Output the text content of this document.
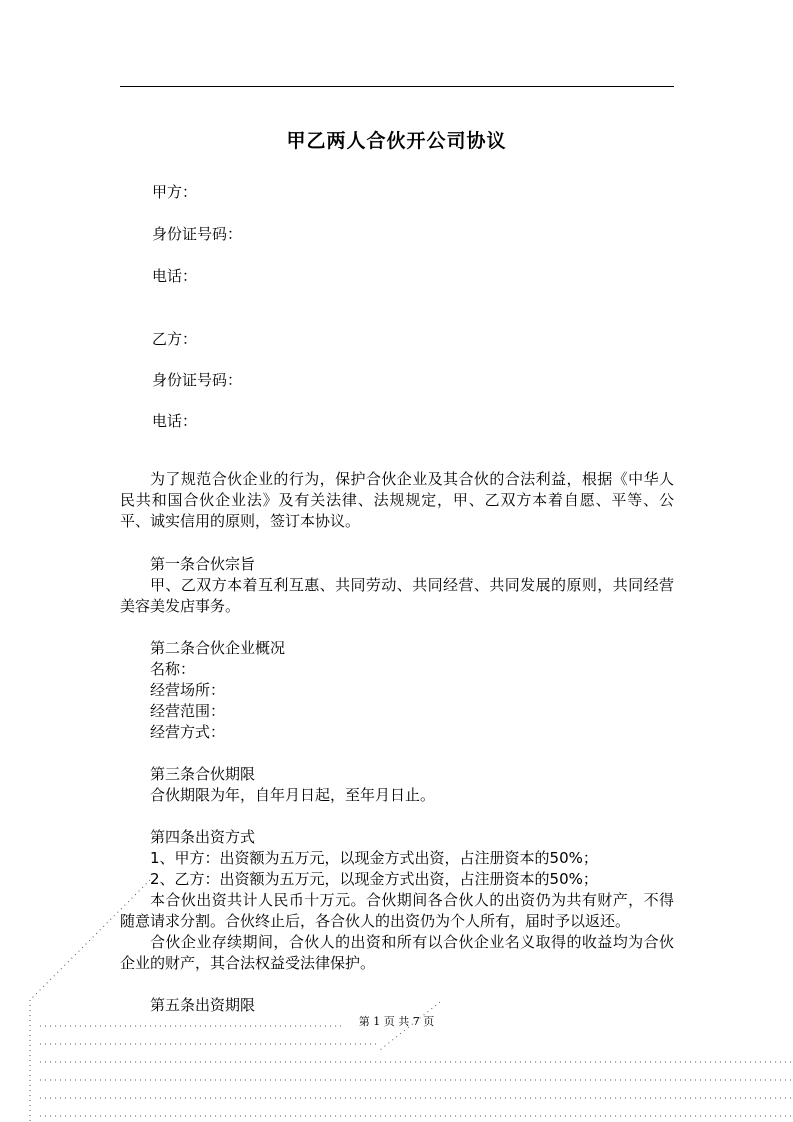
甲乙两人合伙开公司协议
甲方：
身份证号码：
电话：
乙方：
身份证号码：
电话：

为了规范合伙企业的行为，保护合伙企业及其合伙的合法利益，根据《中华人民共和国合伙企业法》及有关法律、法规规定，甲、乙双方本着自愿、平等、公平、诚实信用的原则，签订本协议。

第一条合伙宗旨

甲、乙双方本着互利互惠、共同劳动、共同经营、共同发展的原则，共同经营美容美发店事务。

第二条合伙企业概况
名称：
经营场所：
经营范围：
经营方式：
第三条合伙期限
合伙期限为年，自年月日起，至年月日止。
第四条出资方式
1、甲方：出资额为五万元，以现金方式出资，占注册资本的50%；
2、乙方：出资额为五万元，以现金方式出资，占注册资本的50%；

本合伙出资共计人民币十万元。合伙期间各合伙人的出资仍为共有财产，不得随意请求分割。合伙终止后，各合伙人的出资仍为个人所有，届时予以返还。

合伙企业存续期间，合伙人的出资和所有以合伙企业名义取得的收益均为合伙企业的财产，其合法权益受法律保护。

第五条出资期限
第 1 页 共 7 页
